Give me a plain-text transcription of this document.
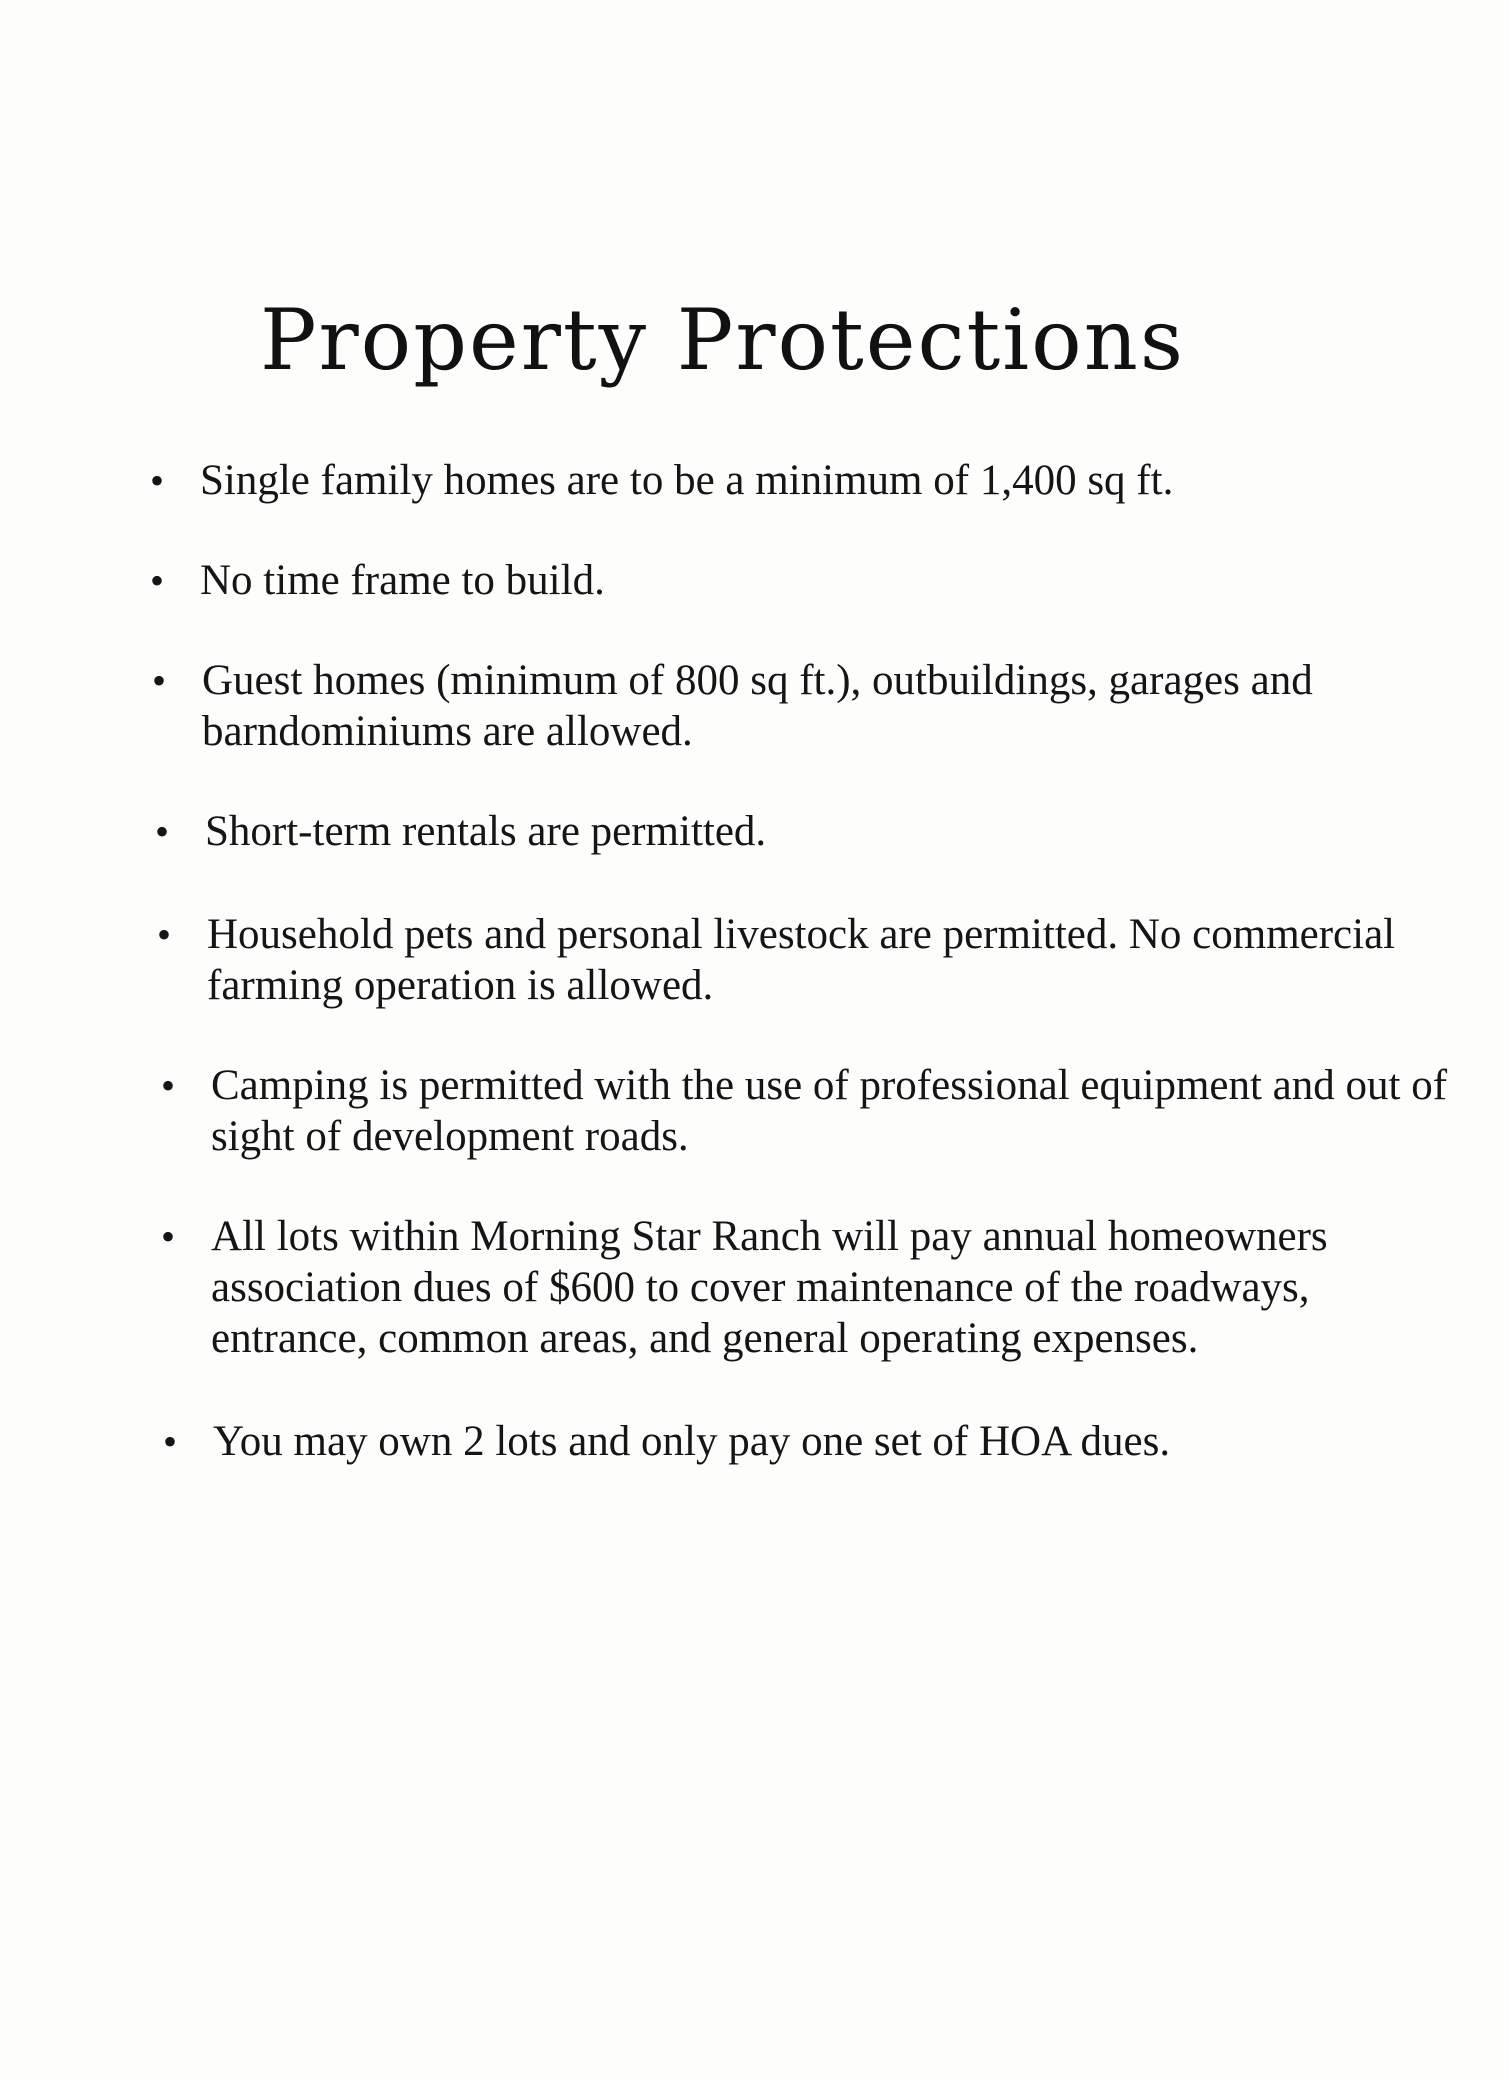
Property Protections
• Single family homes are to be a minimum of 1,400 sq ft.
• No time frame to build.
• Guest homes (minimum of 800 sq ft.), outbuildings, garages and barndominiums are allowed.
• Short-term rentals are permitted.
• Household pets and personal livestock are permitted. No commercial farming operation is allowed.
• Camping is permitted with the use of professional equipment and out of sight of development roads.
• All lots within Morning Star Ranch will pay annual homeowners association dues of $600 to cover maintenance of the roadways, entrance, common areas, and general operating expenses.
• You may own 2 lots and only pay one set of HOA dues.
